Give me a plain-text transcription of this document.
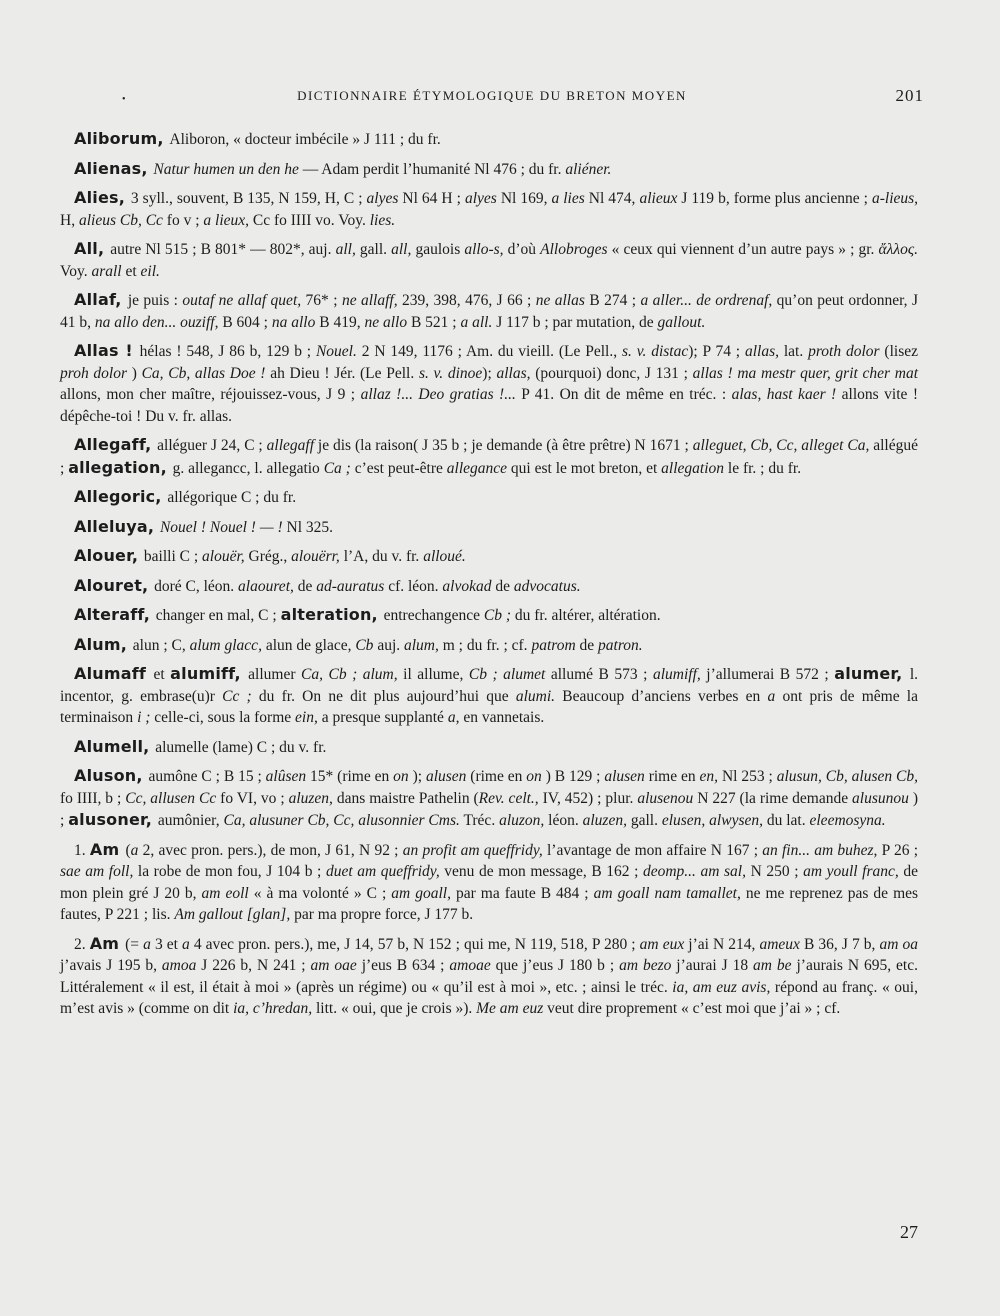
•	DICTIONNAIRE ÉTYMOLOGIQUE DU BRETON MOYEN	201

Aliborum, Aliboron, « docteur imbécile » J 111 ; du fr.

Alienas, Natur humen un den he — Adam perdit l’humanité Nl 476 ; du fr. aliéner.

Alies, 3 syll., souvent, B 135, N 159, H, C ; alyes Nl 64 H ; alyes Nl 169, a lies Nl 474, alieux J 119 b, forme plus ancienne ; a-lieus, H, alieus Cb, Cc fo v ; a lieux, Cc fo IIII vo. Voy. lies.

All, autre Nl 515 ; B 801* — 802*, auj. all, gall. all, gaulois allo-s, d’où Allobroges « ceux qui viennent d’un autre pays » ; gr. ἄλλος. Voy. arall et eil.

Allaf, je puis : outaf ne allaf quet, 76* ; ne allaff, 239, 398, 476, J 66 ; ne allas B 274 ; a aller... de ordrenaf, qu’on peut ordonner, J 41 b, na allo den... ouziff, B 604 ; na allo B 419, ne allo B 521 ; a all. J 117 b ; par mutation, de gallout.

Allas ! hélas ! 548, J 86 b, 129 b ; Nouel. 2 N 149, 1176 ; Am. du vieill. (Le Pell., s. v. distac); P 74 ; allas, lat. proth dolor (lisez proh dolor ) Ca, Cb, allas Doe ! ah Dieu ! Jér. (Le Pell. s. v. dinoe); allas, (pourquoi) donc, J 131 ; allas ! ma mestr quer, grit cher mat allons, mon cher maître, réjouissez-vous, J 9 ; allaz !... Deo gratias !... P 41. On dit de même en tréc. : alas, hast kaer ! allons vite ! dépêche-toi ! Du v. fr. allas.

Allegaff, alléguer J 24, C ; allegaff je dis (la raison( J 35 b ; je demande (à être prêtre) N 1671 ; alleguet, Cb, Cc, alleget Ca, allégué ; allegation, g. allegancc, l. allegatio Ca ; c’est peut-être allegance qui est le mot breton, et allegation le fr. ; du fr.

Allegoric, allégorique C ; du fr.

Alleluya, Nouel ! Nouel ! — ! Nl 325.

Alouer, bailli C ; alouër, Grég., alouërr, l’A, du v. fr. alloué.

Alouret, doré C, léon. alaouret, de ad-auratus cf. léon. alvokad de advocatus.

Alteraff, changer en mal, C ; alteration, entrechangence Cb ; du fr. altérer, altération.

Alum, alun ; C, alum glacc, alun de glace, Cb auj. alum, m ; du fr. ; cf. patrom de patron.

Alumaff et alumiff, allumer Ca, Cb ; alum, il allume, Cb ; alumet allumé B 573 ; alumiff, j’allumerai B 572 ; alumer, l. incentor, g. embrase(u)r Cc ; du fr. On ne dit plus aujourd’hui que alumi. Beaucoup d’anciens verbes en a ont pris de même la terminaison i ; celle-ci, sous la forme ein, a presque supplanté a, en vannetais.

Alumell, alumelle (lame) C ; du v. fr.

Aluson, aumône C ; B 15 ; alûsen 15* (rime en on ); alusen (rime en on ) B 129 ; alusen rime en en, Nl 253 ; alusun, Cb, alusen Cb, fo IIII, b ; Cc, allusen Cc fo VI, vo ; aluzen, dans maistre Pathelin (Rev. celt., IV, 452) ; plur. alusenou N 227 (la rime demande alusunou ) ; alusoner, aumônier, Ca, alusuner Cb, Cc, alusonnier Cms. Tréc. aluzon, léon. aluzen, gall. elusen, alwysen, du lat. eleemosyna.

1. Am (a 2, avec pron. pers.), de mon, J 61, N 92 ; an profit am queffridy, l’avantage de mon affaire N 167 ; an fin... am buhez, P 26 ; sae am foll, la robe de mon fou, J 104 b ; duet am queffridy, venu de mon message, B 162 ; deomp... am sal, N 250 ; am youll franc, de mon plein gré J 20 b, am eoll « à ma volonté » C ; am goall, par ma faute B 484 ; am goall nam tamallet, ne me reprenez pas de mes fautes, P 221 ; lis. Am gallout [glan], par ma propre force, J 177 b.

2. Am (= a 3 et a 4 avec pron. pers.), me, J 14, 57 b, N 152 ; qui me, N 119, 518, P 280 ; am eux j’ai N 214, ameux B 36, J 7 b, am oa j’avais J 195 b, amoa J 226 b, N 241 ; am oae j’eus B 634 ; amoae que j’eus J 180 b ; am bezo j’aurai J 18 am be j’aurais N 695, etc. Littéralement « il est, il était à moi » (après un régime) ou « qu’il est à moi », etc. ; ainsi le tréc. ia, am euz avis, répond au franç. « oui, m’est avis » (comme on dit ia, c’hredan, litt. « oui, que je crois »). Me am euz veut dire proprement « c’est moi que j’ai » ; cf.

27
